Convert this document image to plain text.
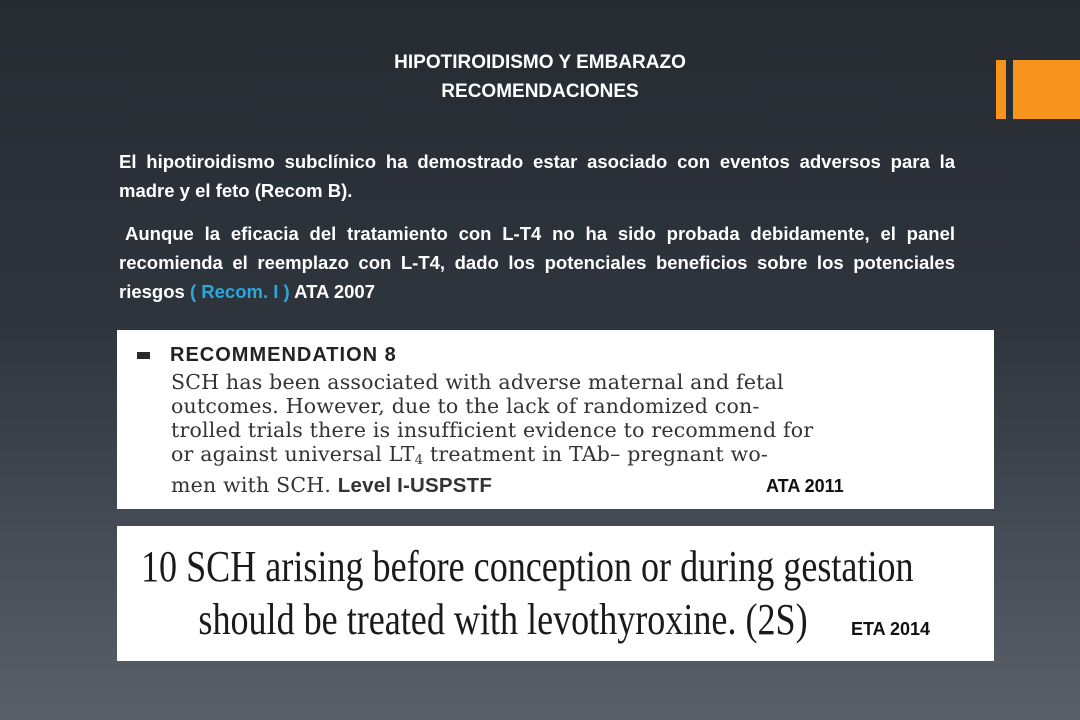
HIPOTIROIDISMO Y EMBARAZO
RECOMENDACIONES

El hipotiroidismo subclínico ha demostrado estar asociado con eventos adversos para la madre y el feto (Recom B).

Aunque la eficacia del tratamiento con L-T4 no ha sido probada debidamente, el panel recomienda el reemplazo con L-T4, dado los potenciales beneficios sobre los potenciales riesgos ( Recom. I ) ATA 2007

RECOMMENDATION 8
SCH has been associated with adverse maternal and fetal
outcomes. However, due to the lack of randomized con-
trolled trials there is insufficient evidence to recommend for
or against universal $LT_4$ treatment in TAb– pregnant wo-
men with SCH. Level I-USPSTF	ATA 2011
10 SCH arising before conception or during gestation
should be treated with levothyroxine. (2S)	ETA 2014
